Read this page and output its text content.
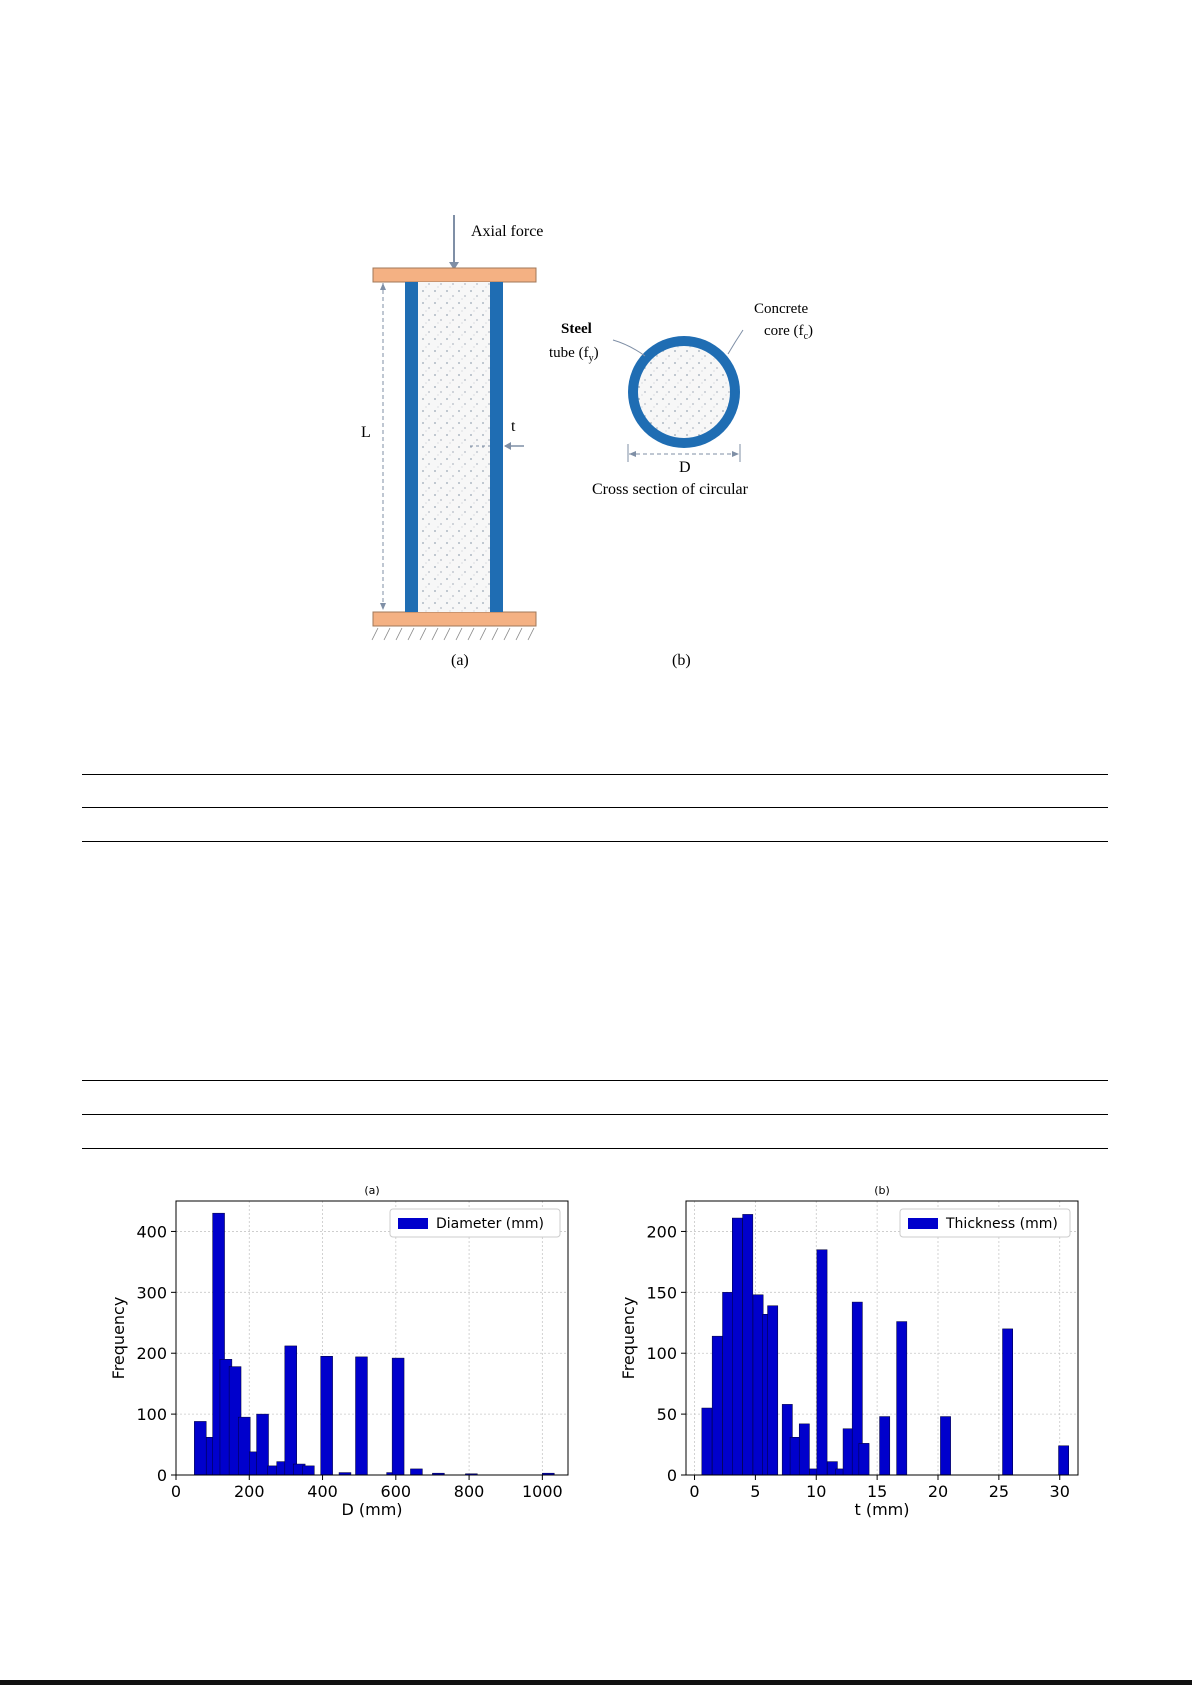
Axial force
L	t
Steel
tube $(f_y)$
Concrete
core $(f_c)$
D
Cross section of circular
(a)	(b)
(a)
0	200	400	600	800 1000
0
100
200
300
400
D (mm)
Frequency
Diameter (mm)
(b)
0	5	10	15	20	25	30
0
50
100
150
200
t (mm)
Frequency
Thickness (mm)
